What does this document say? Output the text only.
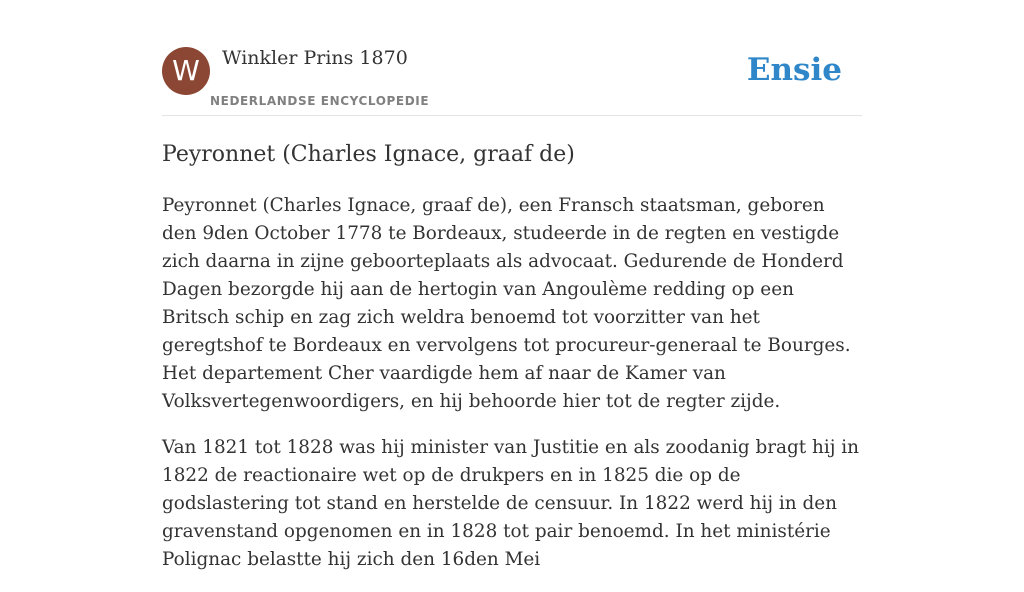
W	Winkler Prins 1870
NEDERLANDSE ENCYCLOPEDIE
Ensie
Peyronnet (Charles Ignace, graaf de)

Peyronnet (Charles Ignace, graaf de), een Fransch staatsman, geboren den 9den October 1778 te Bordeaux, studeerde in de regten en vestigde zich daarna in zijne geboorteplaats als advocaat. Gedurende de Honderd Dagen bezorgde hij aan de hertogin van Angoulème redding op een Britsch schip en zag zich weldra benoemd tot voorzitter van het geregtshof te Bordeaux en vervolgens tot procureur-generaal te Bourges. Het departement Cher vaardigde hem af naar de Kamer van Volksvertegenwoordigers, en hij behoorde hier tot de regter zijde.

Van 1821 tot 1828 was hij minister van Justitie en als zoodanig bragt hij in 1822 de reactionaire wet op de drukpers en in 1825 die op de godslastering tot stand en herstelde de censuur. In 1822 werd hij in den gravenstand opgenomen en in 1828 tot pair benoemd. In het ministérie Polignac belastte hij zich den 16den Mei
